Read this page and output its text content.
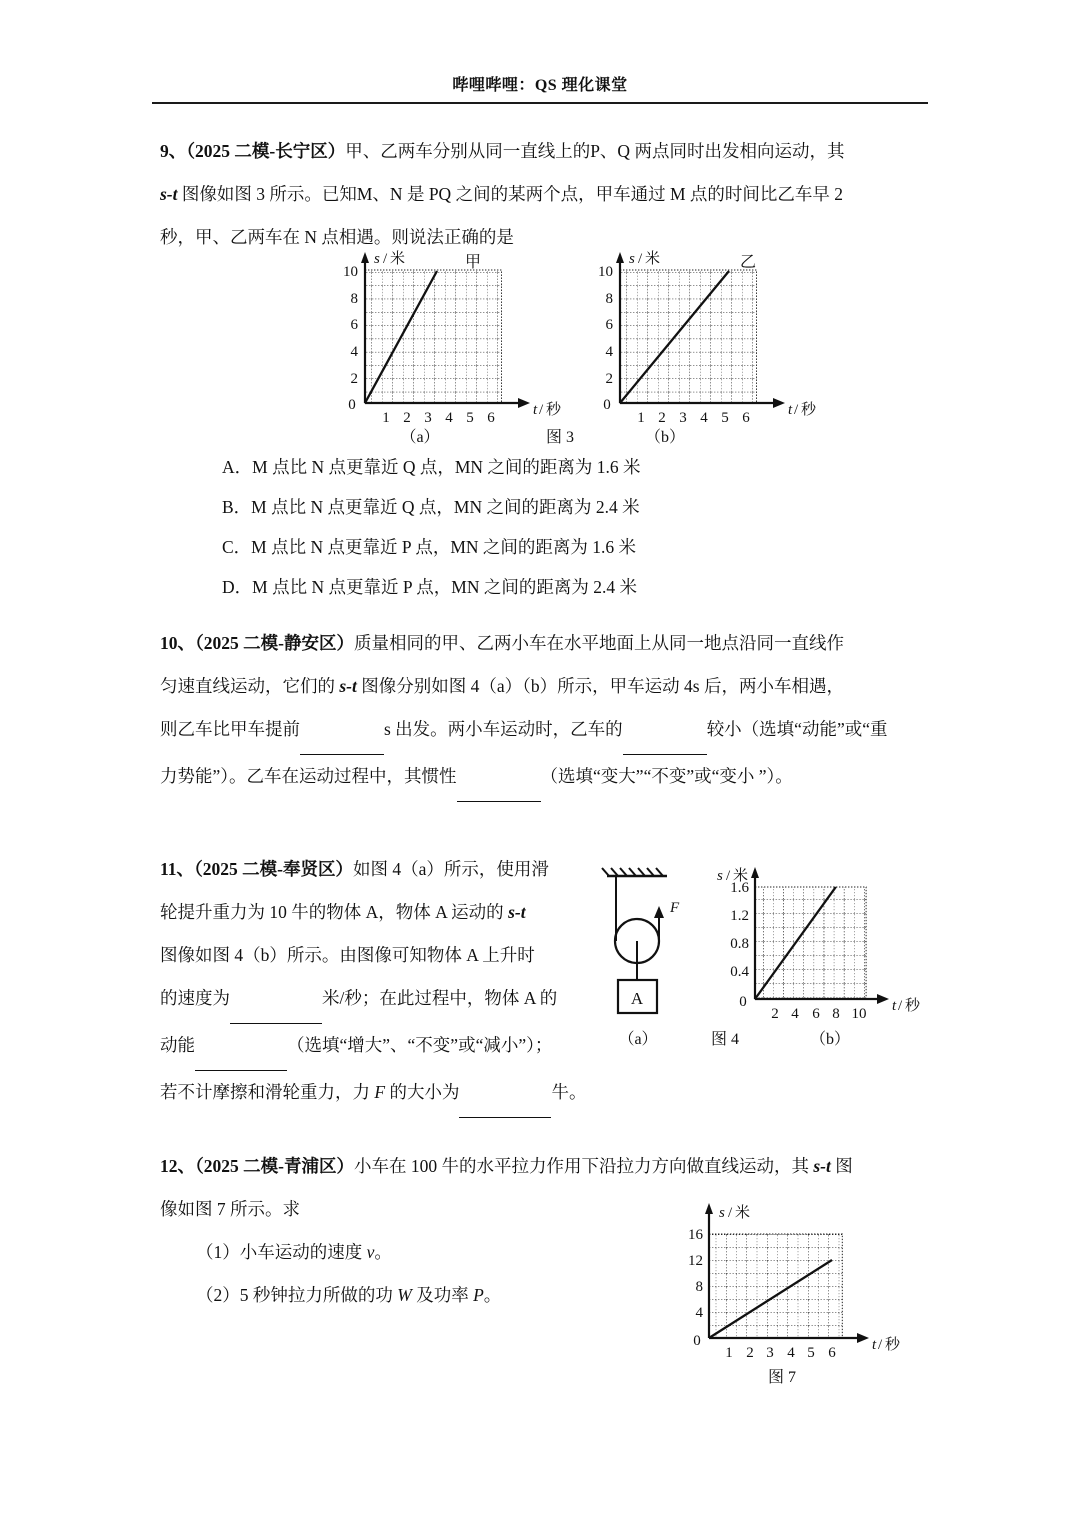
哔哩哔哩：QS 理化课堂
9、（2025 二模-长宁区）甲、乙两车分别从同一直线上的P、Q 两点同时出发相向运动，其
s-t 图像如图 3 所示。已知M、N 是 PQ 之间的某两个点，甲车通过 M 点的时间比乙车早 2
秒，甲、乙两车在 N 点相遇。则说法正确的是
s / 米
t / 秒
甲
0
10
8
6
4
2
1 2 3 4 5 6
s / 米
t / 秒
乙
0
10
8
6
4
2
1 2 3 4 5 6
（a）	图 3	（b）
A．M 点比 N 点更靠近 Q 点，MN 之间的距离为 1.6 米
B．M 点比 N 点更靠近 Q 点，MN 之间的距离为 2.4 米
C．M 点比 N 点更靠近 P 点，MN 之间的距离为 1.6 米
D．M 点比 N 点更靠近 P 点，MN 之间的距离为 2.4 米
10、（2025 二模-静安区）质量相同的甲、乙两小车在水平地面上从同一地点沿同一直线作
匀速直线运动，它们的 s-t 图像分别如图 4（a）（b）所示，甲车运动 4s 后，两小车相遇，
则乙车比甲车提前	s 出发。两小车运动时，乙车的	较小（选填“动能”或“重
力势能”）。乙车在运动过程中，其惯性	（选填“变大”“不变”或“变小 ”）。
11、（2025 二模-奉贤区）如图 4（a）所示，使用滑
轮提升重力为 10 牛的物体 A，物体 A 运动的 s-t
图像如图 4（b）所示。由图像可知物体 A 上升时
的速度为	米/秒；在此过程中，物体 A 的
动能	（选填“增大”、“不变”或“减小”）；
若不计摩擦和滑轮重力，力 F 的大小为	牛。
F
A
s / 米
t / 秒
0
1.6
1.2
0.8
0.4
2 4 6 8 10
（a）	图 4	（b）
12、（2025 二模-青浦区）小车在 100 牛的水平拉力作用下沿拉力方向做直线运动，其 s-t 图
像如图 7 所示。求
（1）小车运动的速度 v。
（2）5 秒钟拉力所做的功 W 及功率 P。
s / 米
t / 秒
0
16
12
8
4
1 2 3 4 5 6
图 7
